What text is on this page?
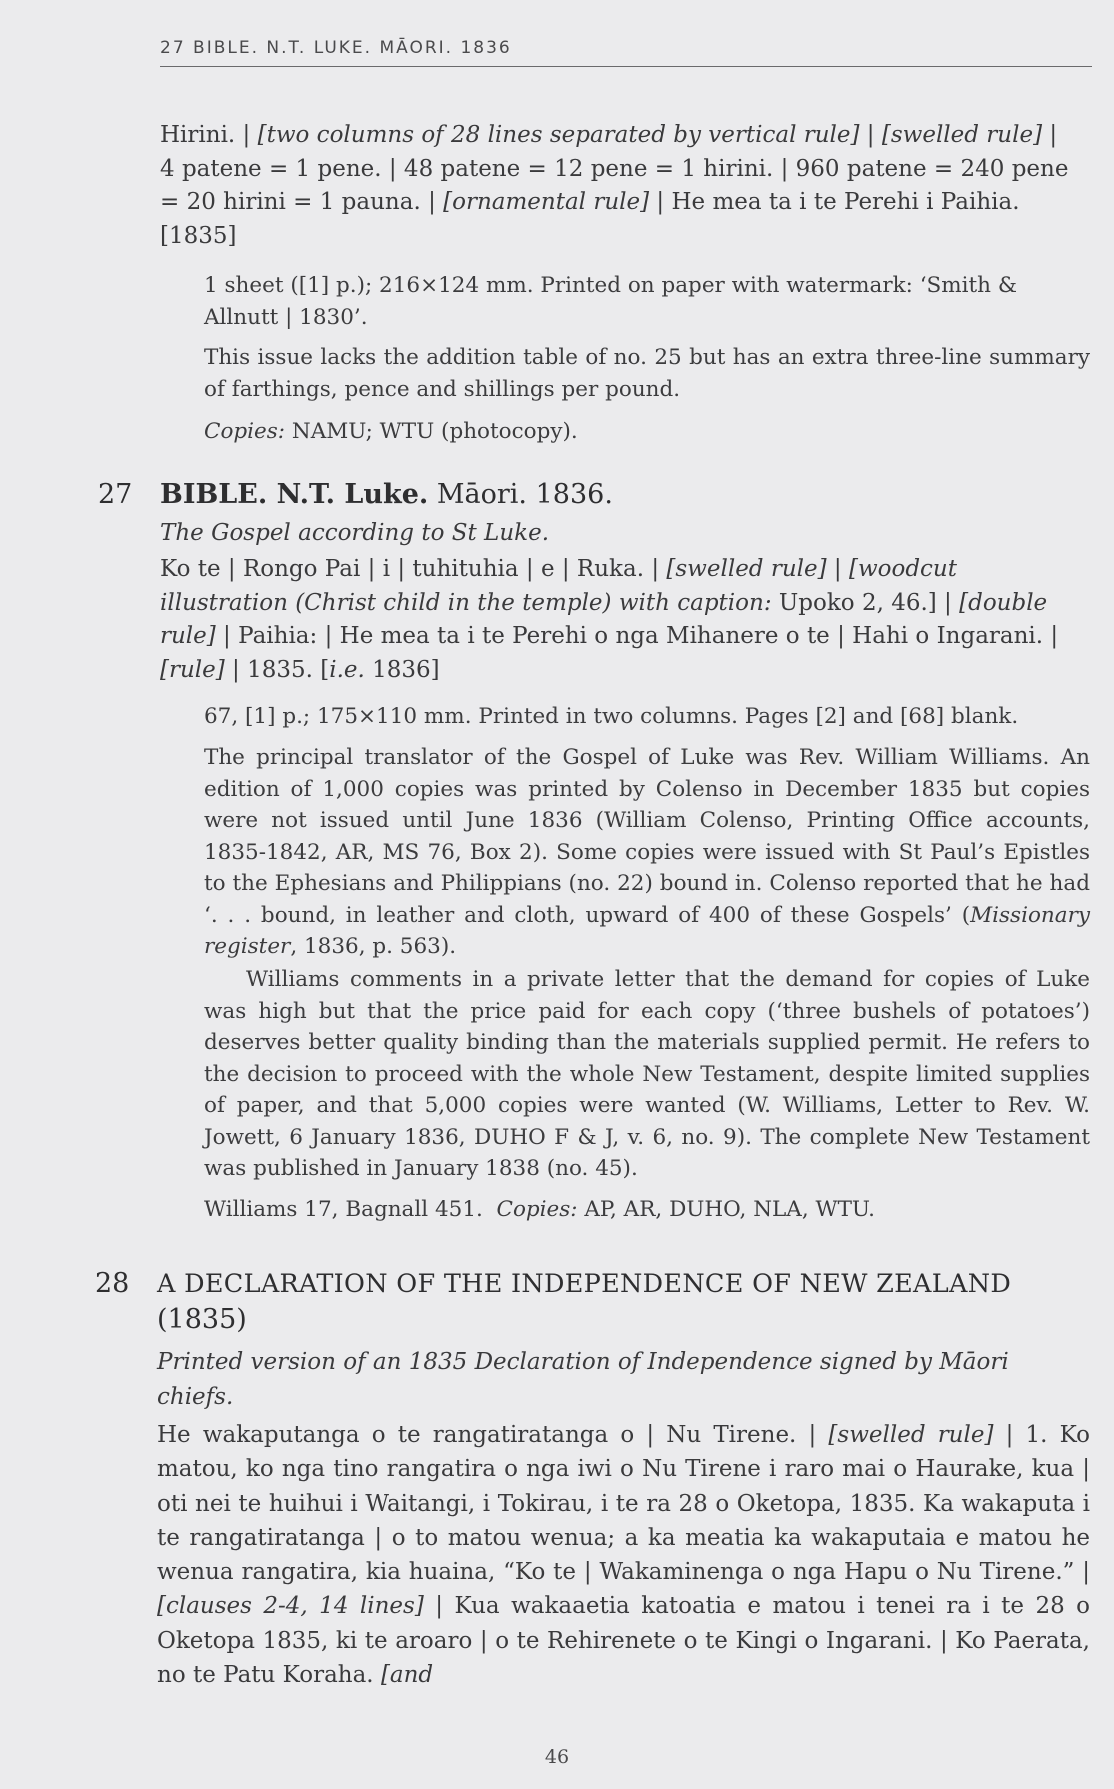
27 BIBLE. N.T. LUKE. MĀORI. 1836

Hirini. | [two columns of 28 lines separated by vertical rule] | [swelled rule] | 4 patene = 1 pene. | 48 patene = 12 pene = 1 hirini. | 960 patene = 240 pene = 20 hirini = 1 pauna. | [ornamental rule] | He mea ta i te Perehi i Paihia. [1835]

1 sheet ([1] p.); 216×124 mm. Printed on paper with watermark: ‘Smith & Allnutt | 1830’.

This issue lacks the addition table of no. 25 but has an extra three-line summary of farthings, pence and shillings per pound.

Copies: NAMU; WTU (photocopy).

27 BIBLE. N.T. Luke. Māori. 1836.

The Gospel according to St Luke.

Ko te | Rongo Pai | i | tuhituhia | e | Ruka. | [swelled rule] | [woodcut illustration (Christ child in the temple) with caption: Upoko 2, 46.] | [double rule] | Paihia: | He mea ta i te Perehi o nga Mihanere o te | Hahi o Ingarani. | [rule] | 1835. [i.e. 1836]

67, [1] p.; 175×110 mm. Printed in two columns. Pages [2] and [68] blank.

The principal translator of the Gospel of Luke was Rev. William Williams. An edition of 1,000 copies was printed by Colenso in December 1835 but copies were not issued until June 1836 (William Colenso, Printing Office accounts, 1835-1842, AR, MS 76, Box 2). Some copies were issued with St Paul’s Epistles to the Ephesians and Philippians (no. 22) bound in. Colenso reported that he had ‘. . . bound, in leather and cloth, upward of 400 of these Gospels’ (Missionary register, 1836, p. 563).

Williams comments in a private letter that the demand for copies of Luke was high but that the price paid for each copy (‘three bushels of potatoes’) deserves better quality binding than the materials supplied permit. He refers to the decision to proceed with the whole New Testament, despite limited supplies of paper, and that 5,000 copies were wanted (W. Williams, Letter to Rev. W. Jowett, 6 January 1836, DUHO F & J, v. 6, no. 9). The complete New Testament was published in January 1838 (no. 45).

Williams 17, Bagnall 451. Copies: AP, AR, DUHO, NLA, WTU.

28 A DECLARATION OF THE INDEPENDENCE OF NEW ZEALAND
(1835)

Printed version of an 1835 Declaration of Independence signed by Māori chiefs.

He wakaputanga o te rangatiratanga o | Nu Tirene. | [swelled rule] | 1. Ko matou, ko nga tino rangatira o nga iwi o Nu Tirene i raro mai o Haurake, kua | oti nei te huihui i Waitangi, i Tokirau, i te ra 28 o Oketopa, 1835. Ka wakaputa i te rangatiratanga | o to matou wenua; a ka meatia ka wakaputaia e matou he wenua rangatira, kia huaina, “Ko te | Wakaminenga o nga Hapu o Nu Tirene.” | [clauses 2-4, 14 lines] | Kua wakaaetia katoatia e matou i tenei ra i te 28 o Oketopa 1835, ki te aroaro | o te Rehirenete o te Kingi o Ingarani. | Ko Paerata, no te Patu Koraha. [and

46
